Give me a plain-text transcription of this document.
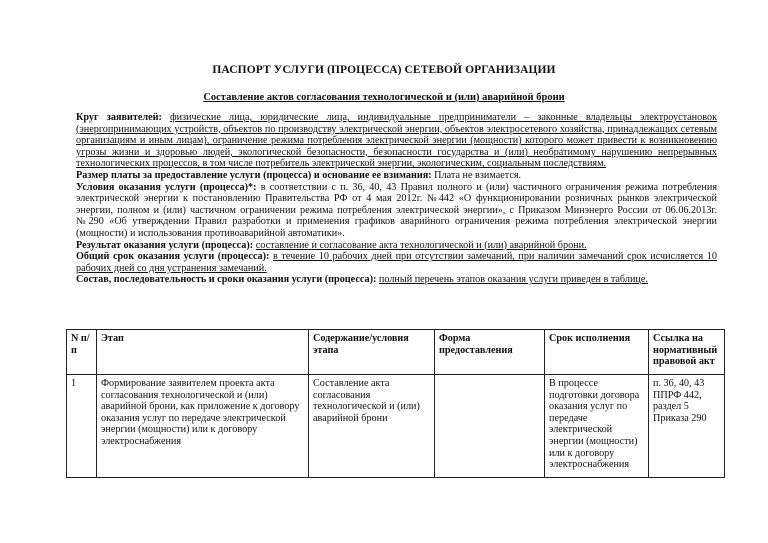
ПАСПОРТ УСЛУГИ (ПРОЦЕССА) СЕТЕВОЙ ОРГАНИЗАЦИИ
Составление актов согласования технологической и (или) аварийной брони

Круг заявителей: физические лица, юридические лица, индивидуальные предприниматели – законные владельцы электроустановок (энергопринимающих устройств, объектов по производству электрической энергии, объектов электросетевого хозяйства, принадлежащих сетевым организациям и иным лицам), ограничение режима потребления электрической энергии (мощности) которого может привести к возникновению угрозы жизни и здоровью людей, экологической безопасности, безопасности государства и (или) необратимому нарушению непрерывных технологических процессов, в том числе потребитель электрической энергии, экологическим, социальным последствиям.

Размер платы за предоставление услуги (процесса) и основание ее взимания: Плата не взимается.

Условия оказания услуги (процесса)*: в соответствии с п. 36, 40, 43 Правил полного и (или) частичного ограничения режима потребления электрической энергии к постановлению Правительства РФ от 4 мая 2012г. №442 «О функционировании розничных рынков электрической энергии, полном и (или) частичном ограничении режима потребления электрической энергии», с Приказом Минэнерго России от 06.06.2013г. №290 «Об утверждении Правил разработки и применения графиков аварийного ограничения режима потребления электрической энергии (мощности) и использования противоаварийной автоматики».

Результат оказания услуги (процесса): составление и согласование акта технологической и (или) аварийной брони.

Общий срок оказания услуги (процесса): в течение 10 рабочих дней при отсутствии замечаний, при наличии замечаний срок исчисляется 10 рабочих дней со дня устранения замечаний.

Состав, последовательность и сроки оказания услуги (процесса): полный перечень этапов оказания услуги приведен в таблице.

N п/п	Этап	Содержание/условия этапа	Форма предоставления	Срок исполнения	Ссылка на нормативный правовой акт
1	Формирование заявителем проекта акта согласования технологической и (или) аварийной брони, как приложение к договору оказания услуг по передаче электрической энергии (мощности) или к договору электроснабжения	Составление акта согласования технологической и (или) аварийной брони		В процессе подготовки договора оказания услуг по передаче электрической энергии (мощности) или к договору электроснабжения	п. 36, 40, 43 ППРФ 442, раздел 5 Приказа 290
